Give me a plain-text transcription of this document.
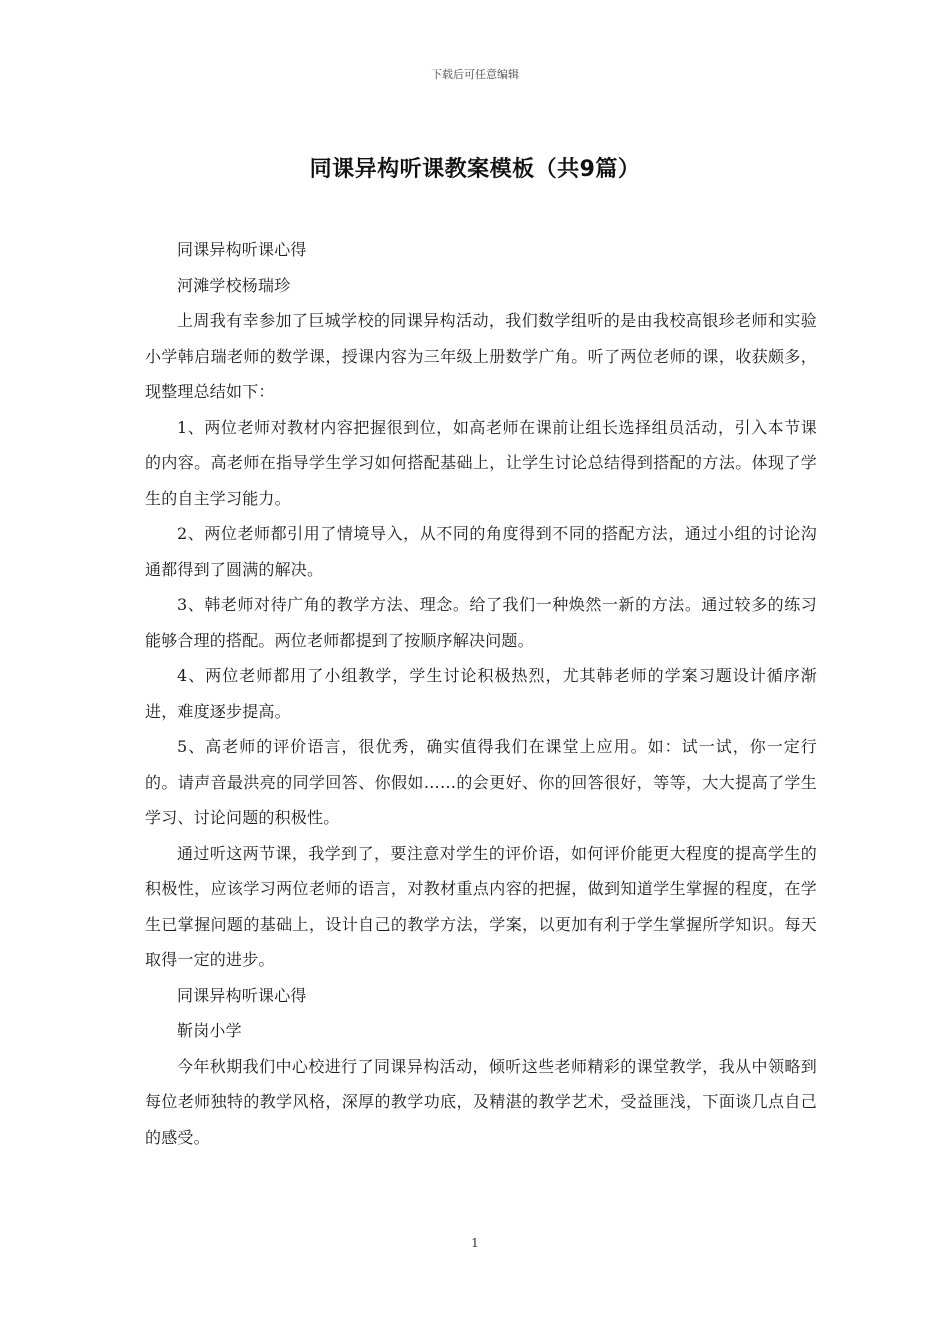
下载后可任意编辑
同课异构听课教案模板（共9篇）

同课异构听课心得

河滩学校杨瑞珍

上周我有幸参加了巨城学校的同课异构活动，我们数学组听的是由我校高银珍老师和实验小学韩启瑞老师的数学课，授课内容为三年级上册数学广角。听了两位老师的课，收获颇多，现整理总结如下：

1、两位老师对教材内容把握很到位，如高老师在课前让组长选择组员活动，引入本节课的内容。高老师在指导学生学习如何搭配基础上，让学生讨论总结得到搭配的方法。体现了学生的自主学习能力。

2、两位老师都引用了情境导入，从不同的角度得到不同的搭配方法，通过小组的讨论沟通都得到了圆满的解决。

3、韩老师对待广角的教学方法、理念。给了我们一种焕然一新的方法。通过较多的练习能够合理的搭配。两位老师都提到了按顺序解决问题。

4、两位老师都用了小组教学，学生讨论积极热烈，尤其韩老师的学案习题设计循序渐进，难度逐步提高。

5、高老师的评价语言，很优秀，确实值得我们在课堂上应用。如：试一试，你一定行的。请声音最洪亮的同学回答、你假如……的会更好、你的回答很好，等等，大大提高了学生学习、讨论问题的积极性。

通过听这两节课，我学到了，要注意对学生的评价语，如何评价能更大程度的提高学生的积极性，应该学习两位老师的语言，对教材重点内容的把握，做到知道学生掌握的程度，在学生已掌握问题的基础上，设计自己的教学方法，学案，以更加有利于学生掌握所学知识。每天取得一定的进步。

同课异构听课心得

靳岗小学

今年秋期我们中心校进行了同课异构活动，倾听这些老师精彩的课堂教学，我从中领略到每位老师独特的教学风格，深厚的教学功底，及精湛的教学艺术，受益匪浅，下面谈几点自己的感受。

1
